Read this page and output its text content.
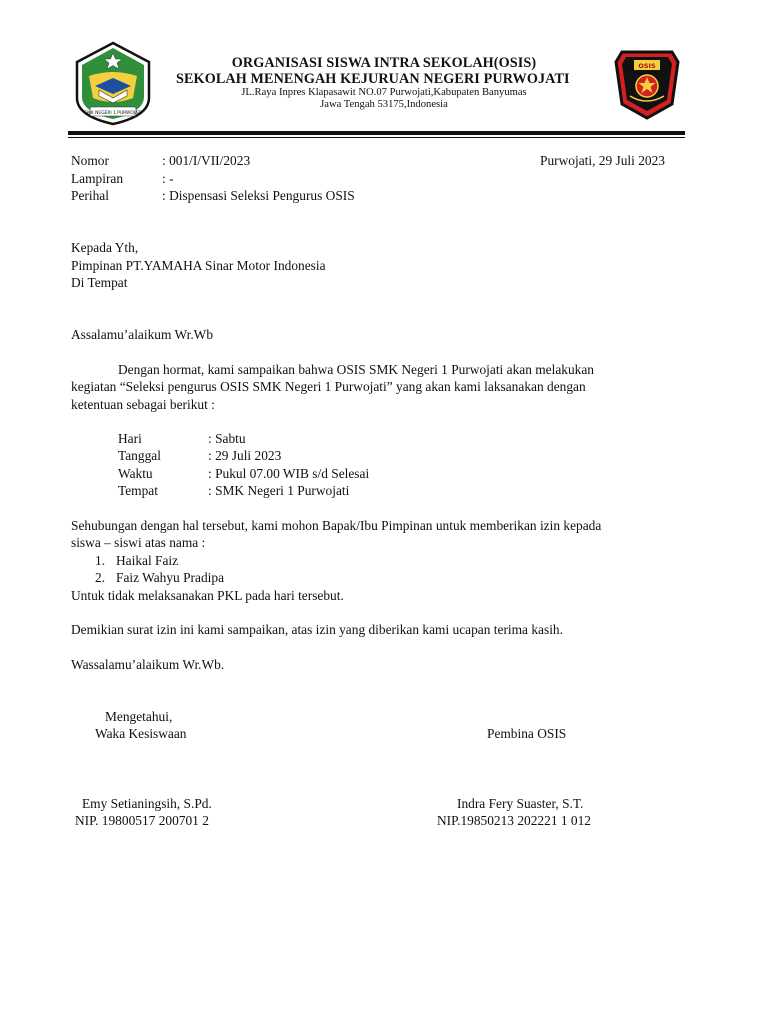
SMK NEGERI 1 PURWOJATI
ORGANISASI SISWA INTRA SEKOLAH(OSIS)
SEKOLAH MENENGAH KEJURUAN NEGERI PURWOJATI
JL.Raya Inpres Klapasawit NO.07 Purwojati,Kabupaten Banyumas
Jawa Tengah 53175,Indonesia
OSIS
Nomor	: 001/I/VII/2023	Purwojati, 29 Juli 2023
Lampiran	: -
Perihal	: Dispensasi Seleksi Pengurus OSIS
Kepada Yth,
Pimpinan PT.YAMAHA Sinar Motor Indonesia
Di Tempat
Assalamu’alaikum Wr.Wb
Dengan hormat, kami sampaikan bahwa OSIS SMK Negeri 1 Purwojati akan melakukan
kegiatan “Seleksi pengurus OSIS SMK Negeri 1 Purwojati” yang akan kami laksanakan dengan
ketentuan sebagai berikut :
Hari	: Sabtu
Tanggal	: 29 Juli 2023
Waktu	: Pukul 07.00 WIB s/d Selesai
Tempat	: SMK Negeri 1 Purwojati
Sehubungan dengan hal tersebut, kami mohon Bapak/Ibu Pimpinan untuk memberikan izin kepada
siswa – siswi atas nama :
1. Haikal Faiz
2. Faiz Wahyu Pradipa
Untuk tidak melaksanakan PKL pada hari tersebut.
Demikian surat izin ini kami sampaikan, atas izin yang diberikan kami ucapan terima kasih.
Wassalamu’alaikum Wr.Wb.
Mengetahui,
Waka Kesiswaan	Pembina OSIS
Emy Setianingsih, S.Pd.	Indra Fery Suaster, S.T.
NIP. 19800517 200701 2	NIP.19850213 202221 1 012
